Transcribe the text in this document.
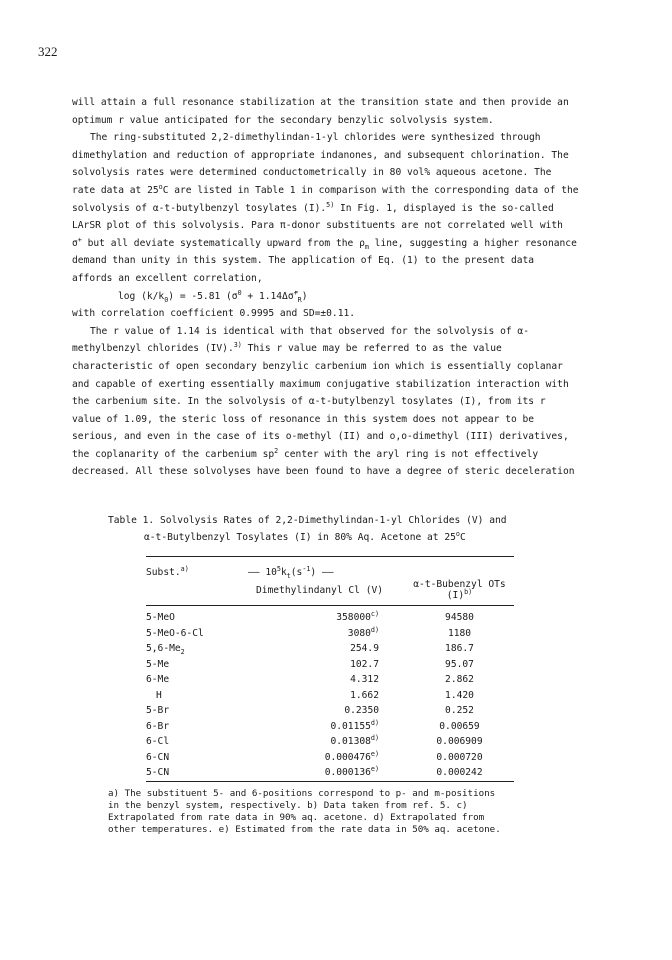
322

will attain a full resonance stabilization at the transition state and then provide an
optimum r value anticipated for the secondary benzylic solvolysis system.

The ring-substituted 2,2-dimethylindan-1-yl chlorides were synthesized through
dimethylation and reduction of appropriate indanones, and subsequent chlorination. The
solvolysis rates were determined conductometrically in 80 vol% aqueous acetone. The
rate data at 25$^o$C are listed in Table 1 in comparison with the corresponding data of the
solvolysis of α-t-butylbenzyl tosylates (I).$^{5)}$ In Fig. 1, displayed is the so-called
LArSR plot of this solvolysis. Para π-donor substituents are not correlated well with
σ+ but all deviate systematically upward from the $\rho_m$ line, suggesting a higher resonance
demand than unity in this system. The application of Eq. (1) to the present data
affords an excellent correlation,

$\log (k/k_0) = -5.81$ ($\sigma^0$ + $1.14\Delta\sigmā^+_R$)

with correlation coefficient 0.9995 and SD=±0.11.

The r value of 1.14 is identical with that observed for the solvolysis of α-
methylbenzyl chlorides (IV).$^{3)}$ This r value may be referred to as the value
characteristic of open secondary benzylic carbenium ion which is essentially coplanar
and capable of exerting essentially maximum conjugative stabilization interaction with
the carbenium site. In the solvolysis of α-t-butylbenzyl tosylates (I), from its r
value of 1.09, the steric loss of resonance in this system does not appear to be
serious, and even in the case of its o-methyl (II) and o,o-dimethyl (III) derivatives,
the coplanarity of the carbenium $sp^2$ center with the aryl ring is not effectively
decreased. All these solvolyses have been found to have a degree of steric deceleration

Table 1. Solvolysis Rates of 2,2-Dimethylindan-1-yl Chlorides (V) and
α-t-Butylbenzyl Tosylates (I) in 80% Aq. Acetone at 25$^o$C

Subst.$^{a)}$	—— $10^5k_t(s^{-1})$ ——	
	Dimethylindanyl Cl (V)	α-t-Bubenzyl OTs $(I)^{b)}$
5-MeO	358000$^{c)}$	94580
5-MeO-6-Cl	3080$^{d)}$	1180
$5,6-Me_2$	254.9	186.7
5-Me	102.7	95.07
6-Me	4.312	2.862
H	1.662	1.420
5-Br	0.2350	0.252
6-Br	0.01155$^{d)}$	0.00659
6-Cl	0.01308$^{d)}$	0.006909
6-CN	0.000476$^{e)}$	0.000720
5-CN	0.000136$^{e)}$	0.000242

a) The substituent 5- and 6-positions correspond to p- and m-positions
in the benzyl system, respectively. b) Data taken from ref. 5. c)
Extrapolated from rate data in 90% aq. acetone. d) Extrapolated from
other temperatures. e) Estimated from the rate data in 50% aq. acetone.
